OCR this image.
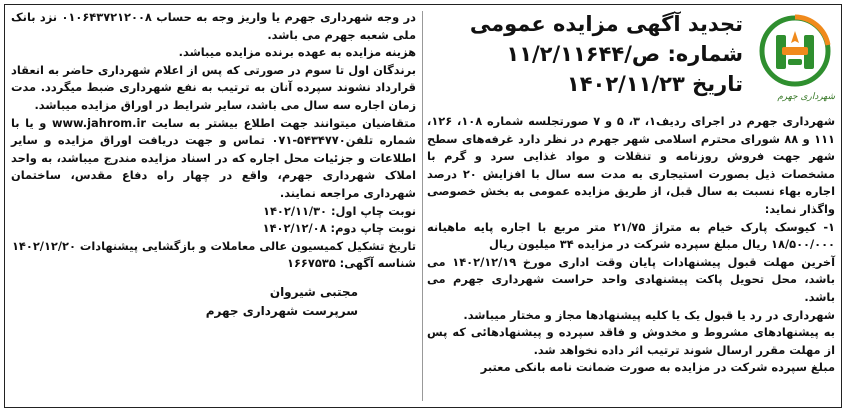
شهرداری جهرم
تجدید آگهی مزایده عمومی
شماره: ص/۱۱/۲/۱۱۶۴۴
تاریخ ۱۴۰۲/۱۱/۲۳

شهرداری جهرم در اجرای ردیف۱، ۳، ۵ و ۷ صورتجلسه شماره ۱۰۸، ۱۲۶، ۱۱۱ و ۸۸ شورای محترم اسلامی شهر جهرم در نظر دارد غرفه‌های سطح شهر جهت فروش روزنامه و تنقلات و مواد غذایی سرد و گرم با مشخصات ذیل بصورت استیجاری به مدت سه سال با افزایش ۲۰ درصد اجاره بهاء نسبت به سال قبل، از طریق مزایده عمومی به بخش خصوصی واگذار نماید:

۱- کیوسک پارک خیام به متراژ ۲۱/۷۵ متر مربع با اجاره پایه ماهیانه ۱۸/۵۰۰/۰۰۰ ریال مبلغ سپرده شرکت در مزایده ۳۴ میلیون ریال

آخرین مهلت قبول پیشنهادات پایان وقت اداری مورخ ۱۴۰۲/۱۲/۱۹ می باشد، محل تحویل پاکت پیشنهادی واحد حراست شهرداری جهرم می باشد.

شهرداری در رد یا قبول یک یا کلیه پیشنهادها مجاز و مختار میباشد.

به پیشنهادهای مشروط و مخدوش و فاقد سپرده و پیشنهادهائی که پس از مهلت مقرر ارسال شوند ترتیب اثر داده نخواهد شد.

مبلغ سپرده شرکت در مزایده به صورت ضمانت نامه بانکی معتبر

در وجه شهرداری جهرم یا واریز وجه به حساب ۰۱۰۶۴۳۷۲۱۲۰۰۸ نزد بانک ملی شعبه جهرم می باشد.

هزینه مزایده به عهده برنده مزایده میباشد.

برندگان اول تا سوم در صورتی که پس از اعلام شهرداری حاضر به انعقاد قرارداد نشوند سپرده آنان به ترتیب به نفع شهرداری ضبط میگردد. مدت زمان اجاره سه سال می باشد، سایر شرایط در اوراق مزایده میباشد.

متقاضیان میتوانند جهت اطلاع بیشتر به سایت www.jahrom.ir و یا با شماره تلفن۵۴۳۴۷۷۰-۰۷۱ تماس و جهت دریافت اوراق مزایده و سایر اطلاعات و جزئیات محل اجاره که در اسناد مزایده مندرج میباشد، به واحد املاک شهرداری جهرم، واقع در چهار راه دفاع مقدس، ساختمان شهرداری مراجعه نمایند.

نوبت چاپ اول: ۱۴۰۲/۱۱/۳۰

نوبت چاپ دوم: ۱۴۰۲/۱۲/۰۸

تاریخ تشکیل کمیسیون عالی معاملات و بازگشایی پیشنهادات ۱۴۰۲/۱۲/۲۰

شناسه آگهی: ۱۶۶۷۵۳۵

مجتبی شیروان
سرپرست شهرداری جهرم
